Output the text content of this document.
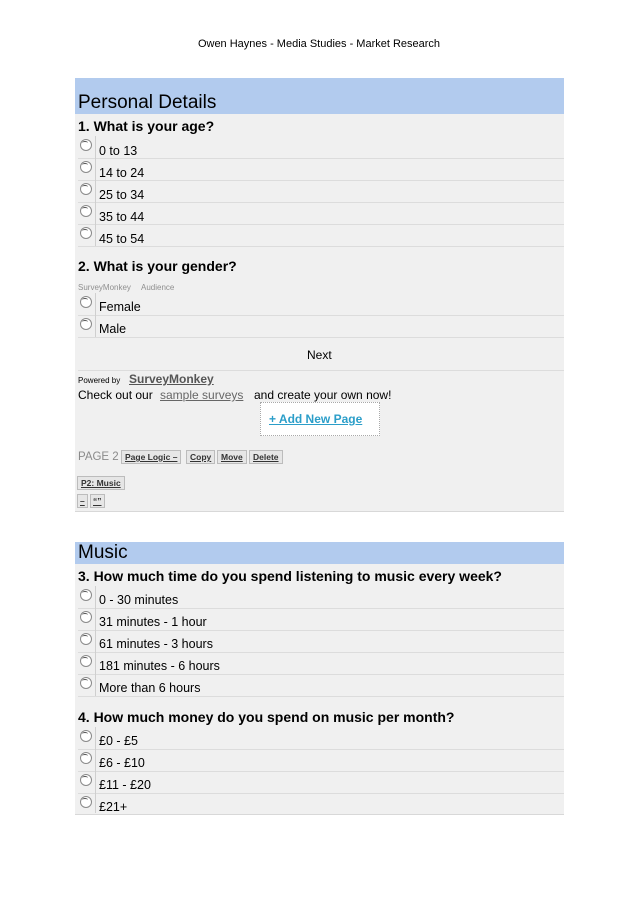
Owen Haynes - Media Studies - Market Research
Personal Details
1. What is your age?
0 to 13
14 to 24
25 to 34
35 to 44
45 to 54
2. What is your gender?
SurveyMonkey Audience
Female
Male
Next
Powered by SurveyMonkey
Check out our sample surveys and create your own now!
+ Add New Page
PAGE 2 Page Logic –	Copy	Move	Delete
P2: Music
– “”
Music
3. How much time do you spend listening to music every week?
0 - 30 minutes
31 minutes - 1 hour
61 minutes - 3 hours
181 minutes - 6 hours
More than 6 hours
4. How much money do you spend on music per month?
£0 - £5
£6 - £10
£11 - £20
£21+
